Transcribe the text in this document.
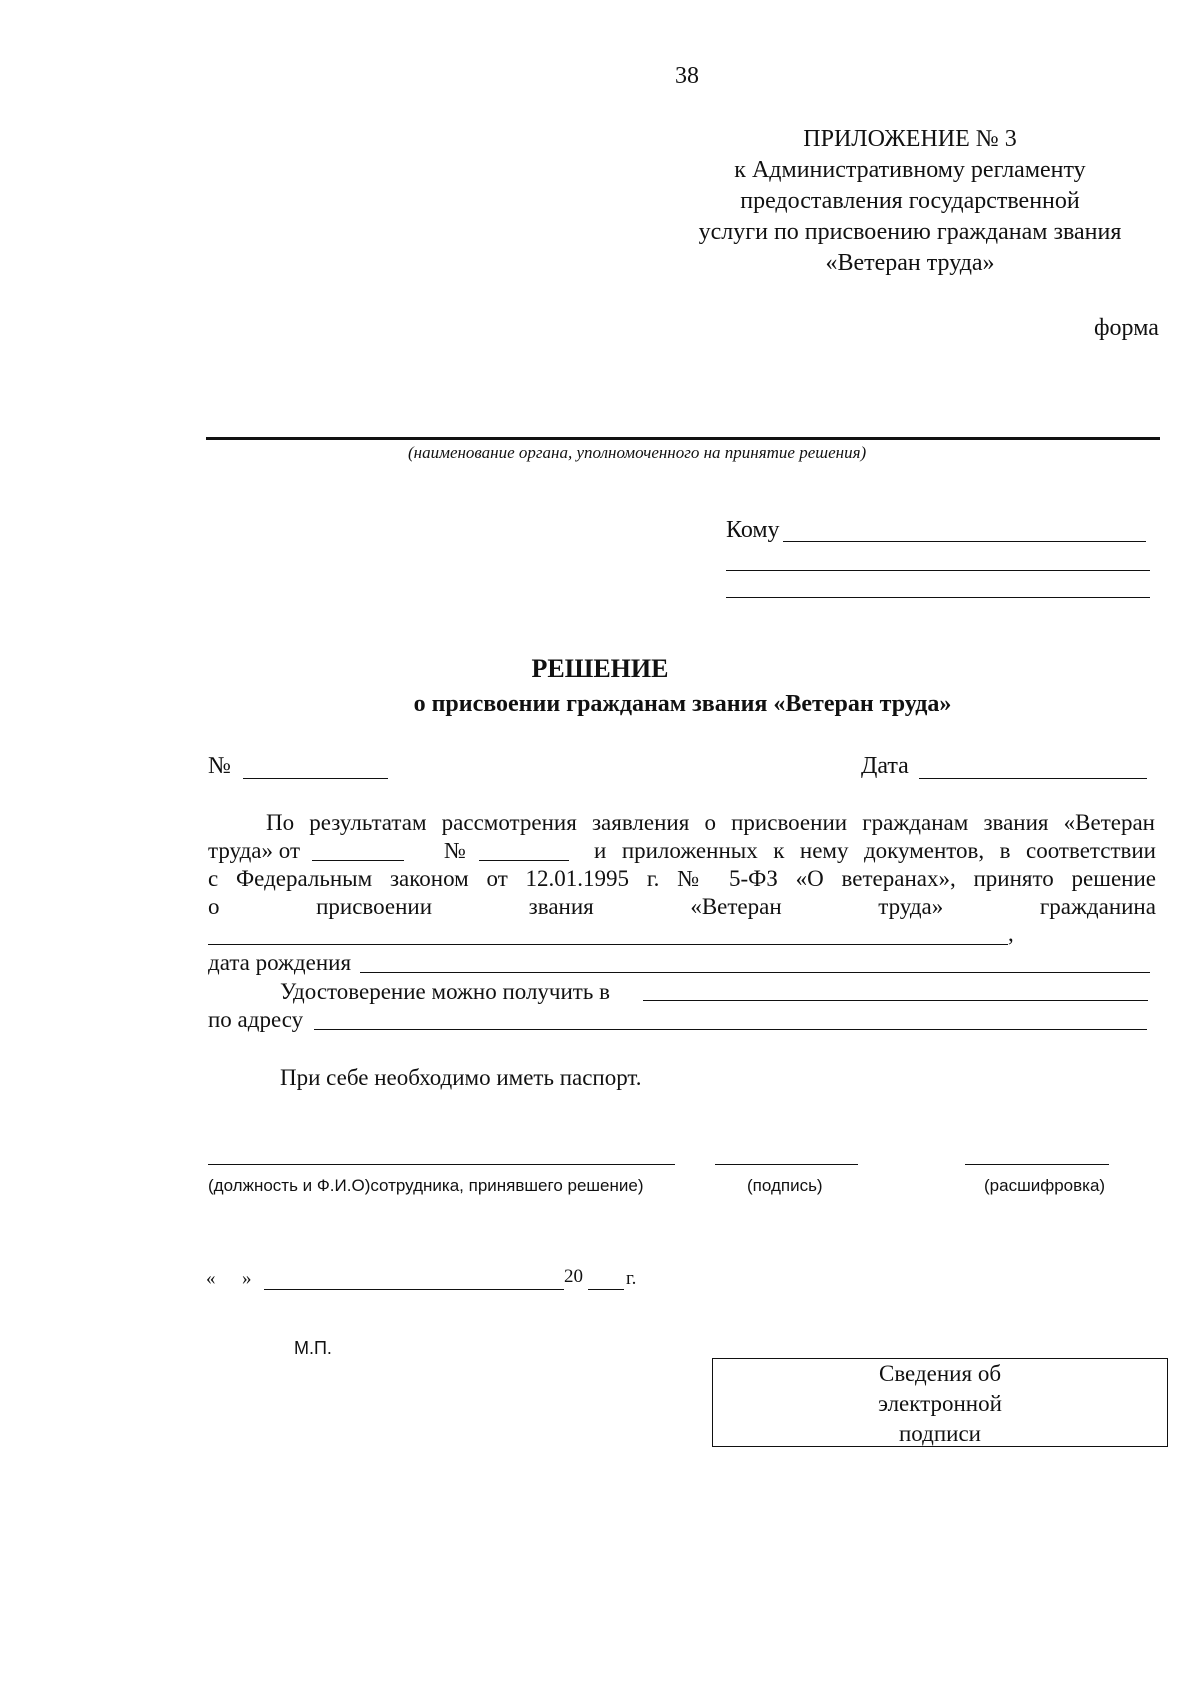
38
ПРИЛОЖЕНИЕ № 3
к Административному регламенту
предоставления государственной
услуги по присвоению гражданам звания
«Ветеран труда»
форма
(наименование органа, уполномоченного на принятие решения)
Кому
РЕШЕНИЕ
о присвоении гражданам звания «Ветеран труда»
№	Дата
По результатам рассмотрения заявления о присвоении гражданам звания «Ветеран
труда» от	№	и приложенных к нему документов, в соответствии
с Федеральным законом от 12.01.1995 г. № 5-ФЗ «О ветеранах», принято решение
о	присвоении	звания	«Ветеран	труда»	гражданина
,
дата рождения
Удостоверение можно получить в
по адресу
При себе необходимо иметь паспорт.
(должность и Ф.И.О)сотрудника, принявшего решение)	(подпись)	(расшифровка)
« »	20 г.
М.П.
Сведения об
электронной
подписи
